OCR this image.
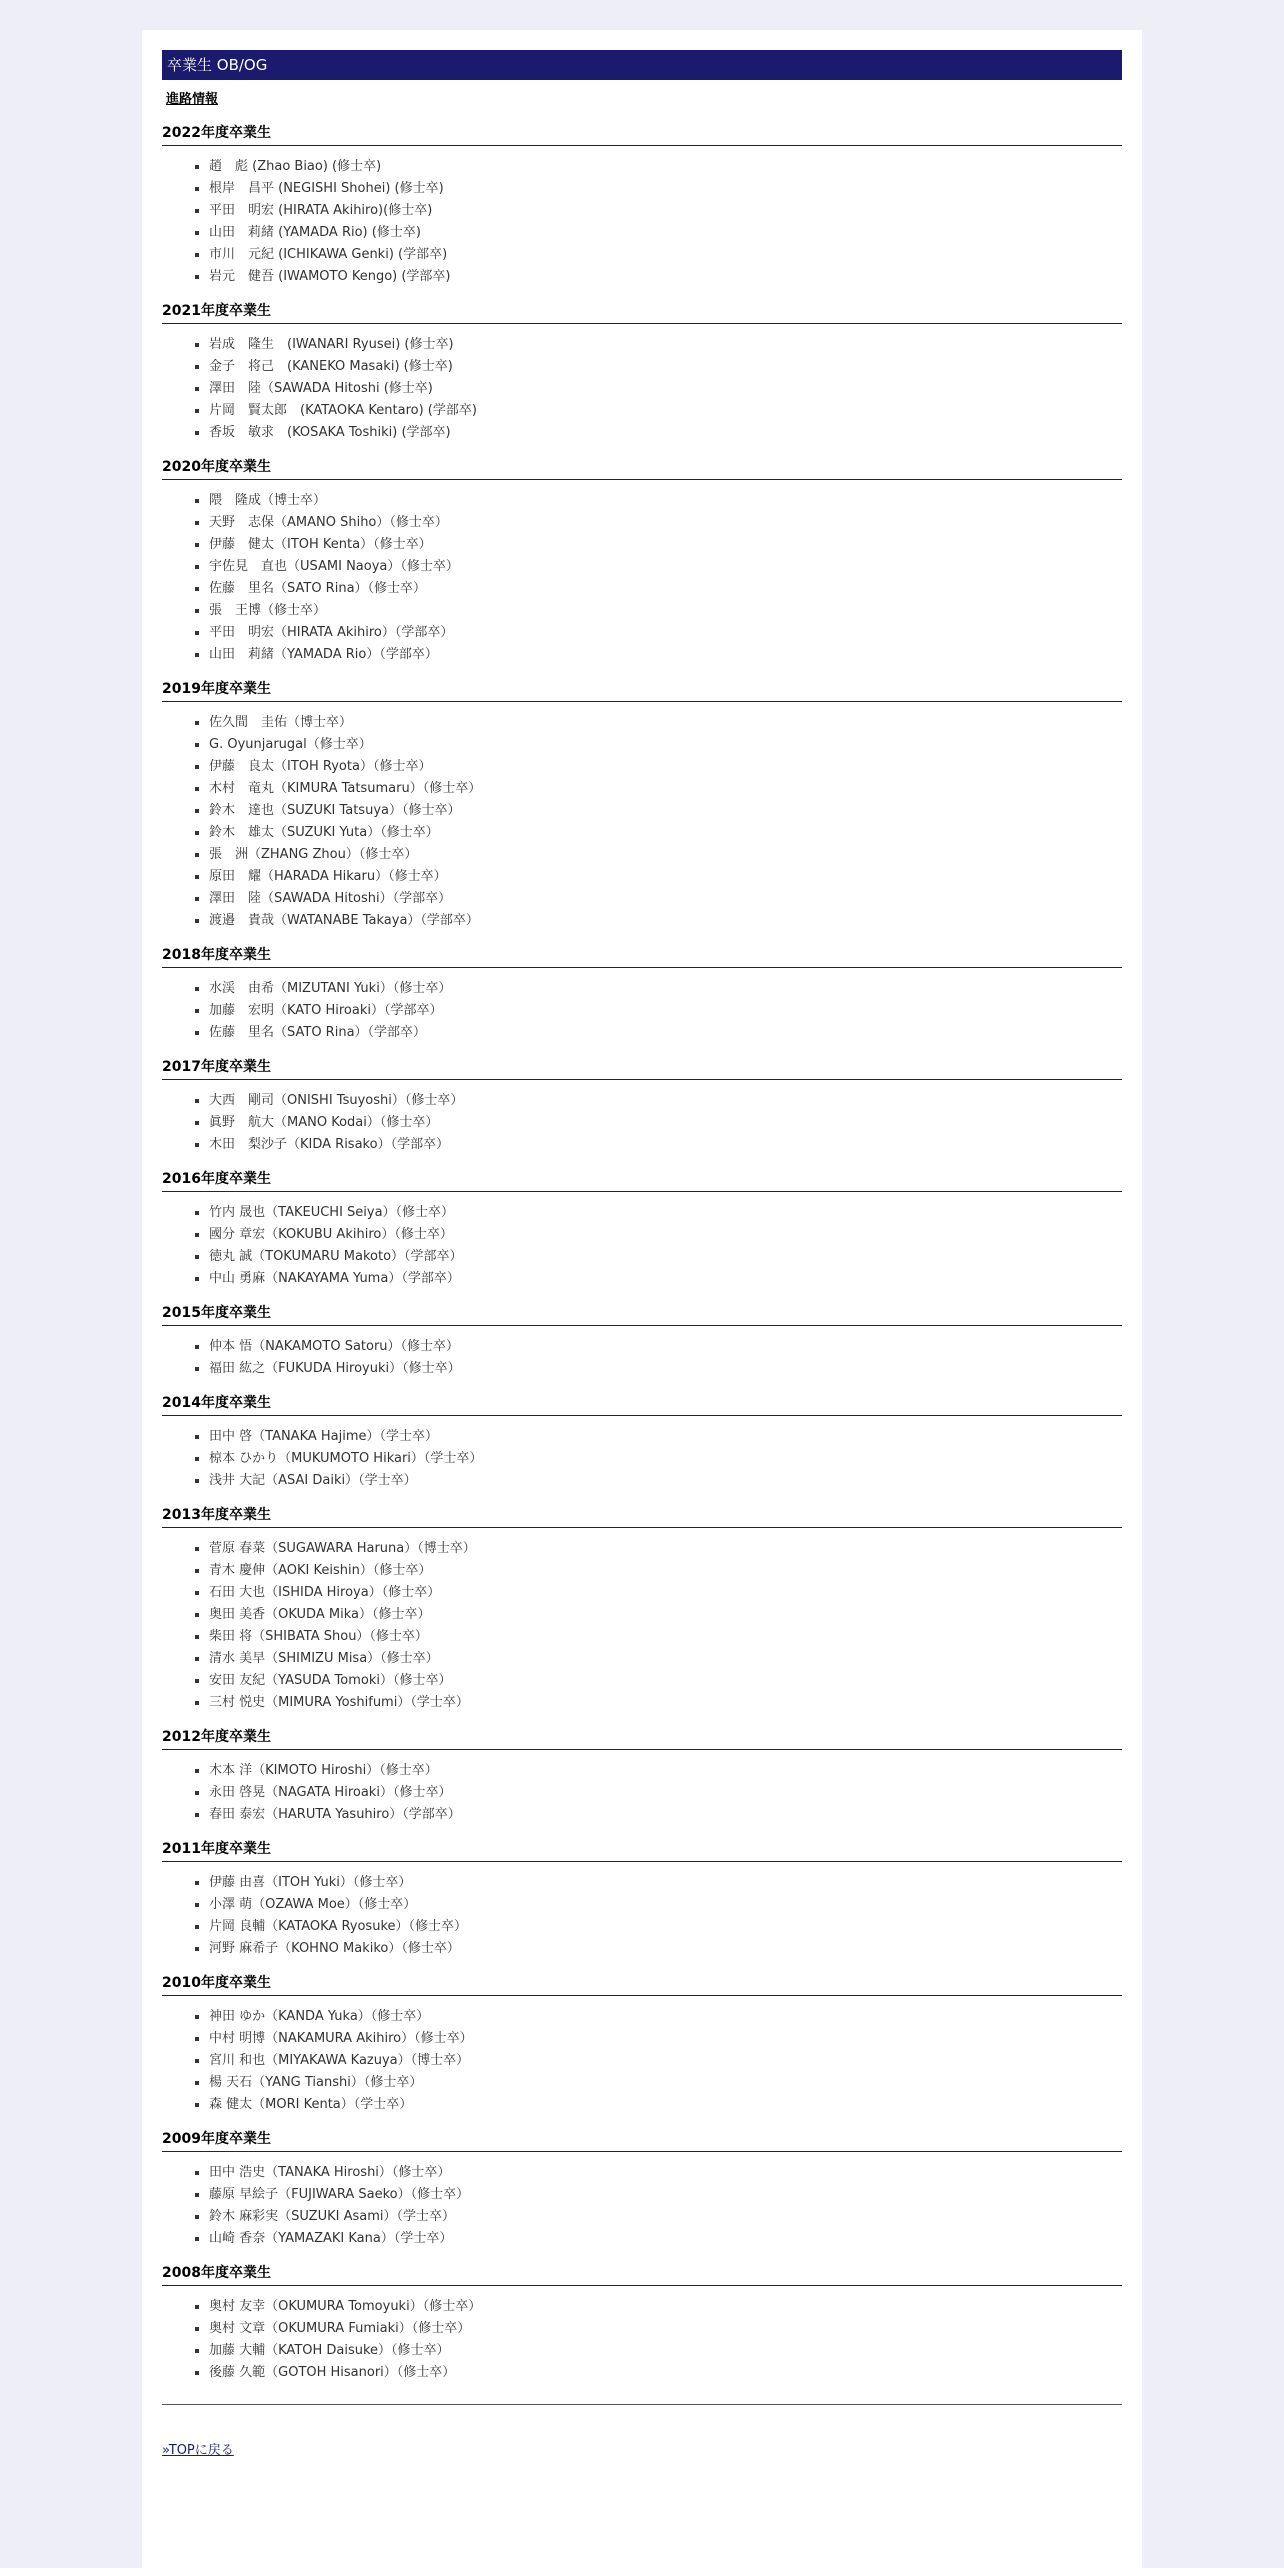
卒業生 OB/OG
進路情報
2022年度卒業生
▪ 趙　彪 (Zhao Biao) (修士卒)
▪ 根岸　昌平 (NEGISHI Shohei) (修士卒)
▪ 平田　明宏 (HIRATA Akihiro)(修士卒)
▪ 山田　莉緒 (YAMADA Rio) (修士卒)
▪ 市川　元紀 (ICHIKAWA Genki) (学部卒)
▪ 岩元　健吾 (IWAMOTO Kengo) (学部卒)
2021年度卒業生
▪ 岩成　隆生　(IWANARI Ryusei) (修士卒)
▪ 金子　将己　(KANEKO Masaki) (修士卒)
▪ 澤田　陸（SAWADA Hitoshi (修士卒)
▪ 片岡　賢太郎　(KATAOKA Kentaro) (学部卒)
▪ 香坂　敏求　(KOSAKA Toshiki) (学部卒)
2020年度卒業生
▪ 隈　隆成（博士卒）
▪ 天野　志保（AMANO Shiho）（修士卒）
▪ 伊藤　健太（ITOH Kenta）（修士卒）
▪ 宇佐見　直也（USAMI Naoya）（修士卒）
▪ 佐藤　里名（SATO Rina）（修士卒）
▪ 張　王博（修士卒）
▪ 平田　明宏（HIRATA Akihiro）（学部卒）
▪ 山田　莉緒（YAMADA Rio）（学部卒）
2019年度卒業生
▪ 佐久間　圭佑（博士卒）
▪ G. Oyunjarugal（修士卒）
▪ 伊藤　良太（ITOH Ryota）（修士卒）
▪ 木村　竜丸（KIMURA Tatsumaru）（修士卒）
▪ 鈴木　達也（SUZUKI Tatsuya）（修士卒）
▪ 鈴木　雄太（SUZUKI Yuta）（修士卒）
▪ 張　洲（ZHANG Zhou）（修士卒）
▪ 原田　耀（HARADA Hikaru）（修士卒）
▪ 澤田　陸（SAWADA Hitoshi）（学部卒）
▪ 渡邉　貴哉（WATANABE Takaya）（学部卒）
2018年度卒業生
▪ 水渓　由希（MIZUTANI Yuki）（修士卒）
▪ 加藤　宏明（KATO Hiroaki）（学部卒）
▪ 佐藤　里名（SATO Rina）（学部卒）
2017年度卒業生
▪ 大西　剛司（ONISHI Tsuyoshi）（修士卒）
▪ 眞野　航大（MANO Kodai）（修士卒）
▪ 木田　梨沙子（KIDA Risako）（学部卒）
2016年度卒業生
▪ 竹内 晟也（TAKEUCHI Seiya）（修士卒）
▪ 國分 章宏（KOKUBU Akihiro）（修士卒）
▪ 徳丸 誠（TOKUMARU Makoto）（学部卒）
▪ 中山 勇麻（NAKAYAMA Yuma）（学部卒）
2015年度卒業生
▪ 仲本 悟（NAKAMOTO Satoru）（修士卒）
▪ 福田 紘之（FUKUDA Hiroyuki）（修士卒）
2014年度卒業生
▪ 田中 啓（TANAKA Hajime）（学士卒）
▪ 椋本 ひかり（MUKUMOTO Hikari）（学士卒）
▪ 浅井 大記（ASAI Daiki）（学士卒）
2013年度卒業生
▪ 菅原 春菜（SUGAWARA Haruna）（博士卒）
▪ 青木 慶伸（AOKI Keishin）（修士卒）
▪ 石田 大也（ISHIDA Hiroya）（修士卒）
▪ 奥田 美香（OKUDA Mika）（修士卒）
▪ 柴田 将（SHIBATA Shou）（修士卒）
▪ 清水 美早（SHIMIZU Misa）（修士卒）
▪ 安田 友紀（YASUDA Tomoki）（修士卒）
▪ 三村 悦史（MIMURA Yoshifumi）（学士卒）
2012年度卒業生
▪ 木本 洋（KIMOTO Hiroshi）（修士卒）
▪ 永田 啓晃（NAGATA Hiroaki）（修士卒）
▪ 春田 泰宏（HARUTA Yasuhiro）（学部卒）
2011年度卒業生
▪ 伊藤 由喜（ITOH Yuki）（修士卒）
▪ 小澤 萌（OZAWA Moe）（修士卒）
▪ 片岡 良輔（KATAOKA Ryosuke）（修士卒）
▪ 河野 麻希子（KOHNO Makiko）（修士卒）
2010年度卒業生
▪ 神田 ゆか（KANDA Yuka）（修士卒）
▪ 中村 明博（NAKAMURA Akihiro）（修士卒）
▪ 宮川 和也（MIYAKAWA Kazuya）（博士卒）
▪ 楊 天石（YANG Tianshi）（修士卒）
▪ 森 健太（MORI Kenta）（学士卒）
2009年度卒業生
▪ 田中 浩史（TANAKA Hiroshi）（修士卒）
▪ 藤原 早絵子（FUJIWARA Saeko）（修士卒）
▪ 鈴木 麻彩実（SUZUKI Asami）（学士卒）
▪ 山崎 香奈（YAMAZAKI Kana）（学士卒）
2008年度卒業生
▪ 奥村 友幸（OKUMURA Tomoyuki）（修士卒）
▪ 奥村 文章（OKUMURA Fumiaki）（修士卒）
▪ 加藤 大輔（KATOH Daisuke）（修士卒）
▪ 後藤 久範（GOTOH Hisanori）（修士卒）
»TOPに戻る
